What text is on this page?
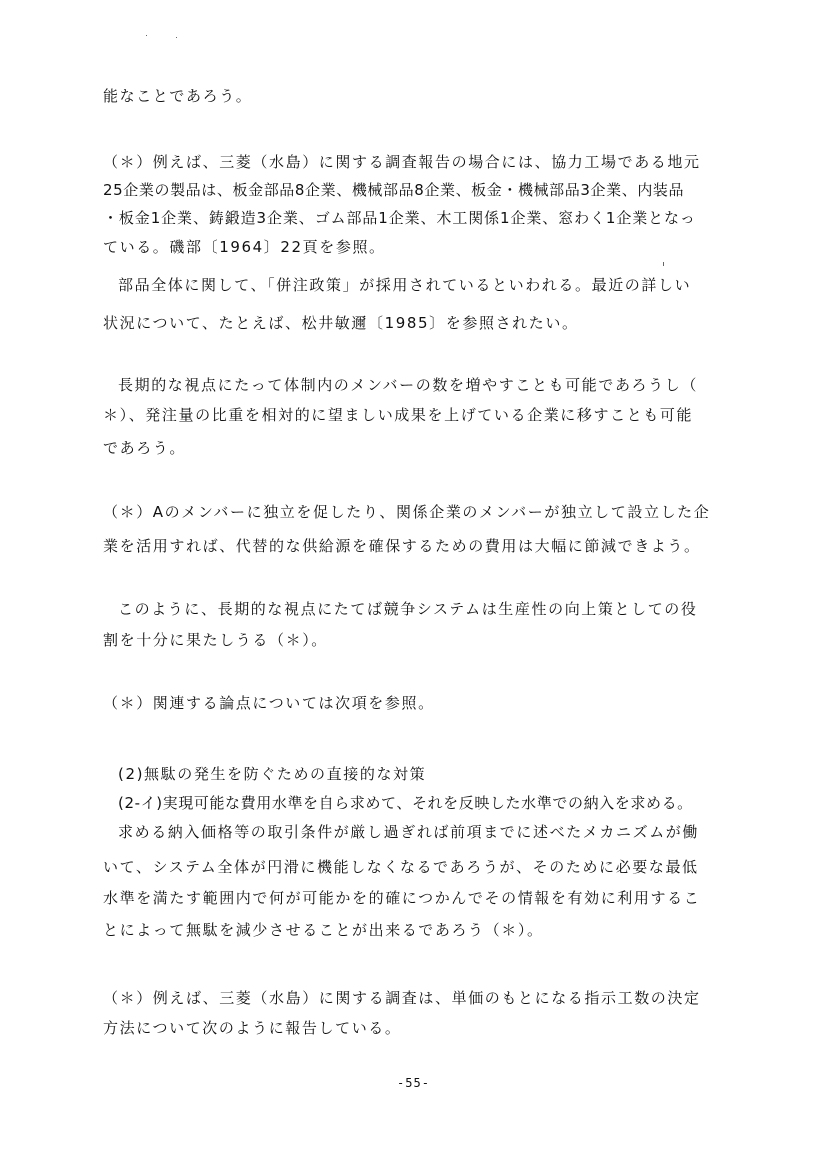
能なことであろう。

（＊）例えば、三菱（水島）に関する調査報告の場合には、協力工場である地元

25企業の製品は、板金部品8企業、機械部品8企業、板金・機械部品3企業、内装品

・板金1企業、鋳鍛造3企業、ゴム部品1企業、木工関係1企業、窓わく1企業となっ

ている。磯部〔1964〕22頁を参照。

部品全体に関して、「併注政策」が採用されているといわれる。最近の詳しい

状況について、たとえば、松井敏邇〔1985〕を参照されたい。

長期的な視点にたって体制内のメンバーの数を増やすことも可能であろうし（

＊）、発注量の比重を相対的に望ましい成果を上げている企業に移すことも可能

であろう。

（＊）Aのメンバーに独立を促したり、関係企業のメンバーが独立して設立した企

業を活用すれば、代替的な供給源を確保するための費用は大幅に節減できよう。

このように、長期的な視点にたてば競争システムは生産性の向上策としての役

割を十分に果たしうる（＊）。

（＊）関連する論点については次項を参照。

(2)無駄の発生を防ぐための直接的な対策

(2-イ)実現可能な費用水準を自ら求めて、それを反映した水準での納入を求める。

求める納入価格等の取引条件が厳し過ぎれば前項までに述べたメカニズムが働

いて、システム全体が円滑に機能しなくなるであろうが、そのために必要な最低

水準を満たす範囲内で何が可能かを的確につかんでその情報を有効に利用するこ

とによって無駄を減少させることが出来るであろう（＊）。

（＊）例えば、三菱（水島）に関する調査は、単価のもとになる指示工数の決定

方法について次のように報告している。

-55-
